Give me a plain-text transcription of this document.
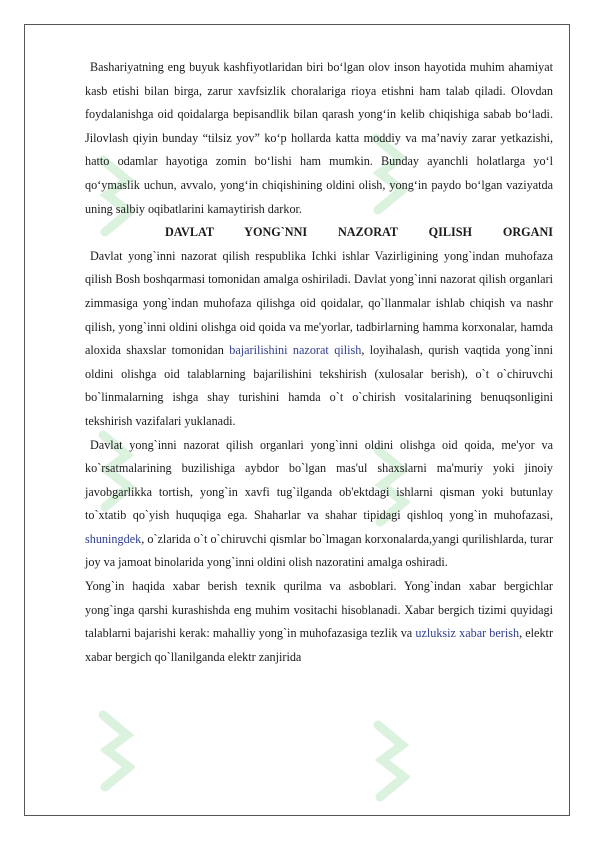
Bashariyatning eng buyuk kashfiyotlaridan biri bo‘lgan olov inson hayotida muhim ahamiyat kasb etishi bilan birga, zarur xavfsizlik choralariga rioya etishni ham talab qiladi. Olovdan foydalanishga oid qoidalarga bepisandlik bilan qarash yong‘in kelib chiqishiga sabab bo‘ladi. Jilovlash qiyin bunday “tilsiz yov” ko‘p hollarda katta moddiy va ma’naviy zarar yetkazishi, hatto odamlar hayotiga zomin bo‘lishi ham mumkin. Bunday ayanchli holatlarga yo‘l qo‘ymaslik uchun, avvalo, yong‘in chiqishining oldini olish, yong‘in paydo bo‘lgan vaziyatda uning salbiy oqibatlarini kamaytirish darkor.

DAVLAT YONG`NNI NAZORAT QILISH ORGANI

Davlat yong`inni nazorat qilish respublika Ichki ishlar Vazirligining yong`indan muhofaza qilish Bosh boshqarmasi tomonidan amalga oshiriladi. Davlat yong`inni nazorat qilish organlari zimmasiga yong`indan muhofaza qilishga oid qoidalar, qo`llanmalar ishlab chiqish va nashr qilish, yong`inni oldini olishga oid qoida va me'yorlar, tadbirlarning hamma korxonalar, hamda aloxida shaxslar tomonidan bajarilishini nazorat qilish, loyihalash, qurish vaqtida yong`inni oldini olishga oid talablarning bajarilishini tekshirish (xulosalar berish), o`t o`chiruvchi bo`linmalarning ishga shay turishini hamda o`t o`chirish vositalarining benuqsonligini tekshirish vazifalari yuklanadi.

Davlat yong`inni nazorat qilish organlari yong`inni oldini olishga oid qoida, me'yor va ko`rsatmalarining buzilishiga aybdor bo`lgan mas'ul shaxslarni ma'muriy yoki jinoiy javobgarlikka tortish, yong`in xavfi tug`ilganda ob'ektdagi ishlarni qisman yoki butunlay to`xtatib qo`yish huquqiga ega. Shaharlar va shahar tipidagi qishloq yong`in muhofazasi, shuningdek, o`zlarida o`t o`chiruvchi qismlar bo`lmagan korxonalarda,yangi qurilishlarda, turar joy va jamoat binolarida yong`inni oldini olish nazoratini amalga oshiradi.

Yong`in haqida xabar berish texnik qurilma va asboblari. Yong`indan xabar bergichlar yong`inga qarshi kurashishda eng muhim vositachi hisoblanadi. Xabar bergich tizimi quyidagi talablarni bajarishi kerak: mahalliy yong`in muhofazasiga tezlik va uzluksiz xabar berish, elektr xabar bergich qo`llanilganda elektr zanjirida
